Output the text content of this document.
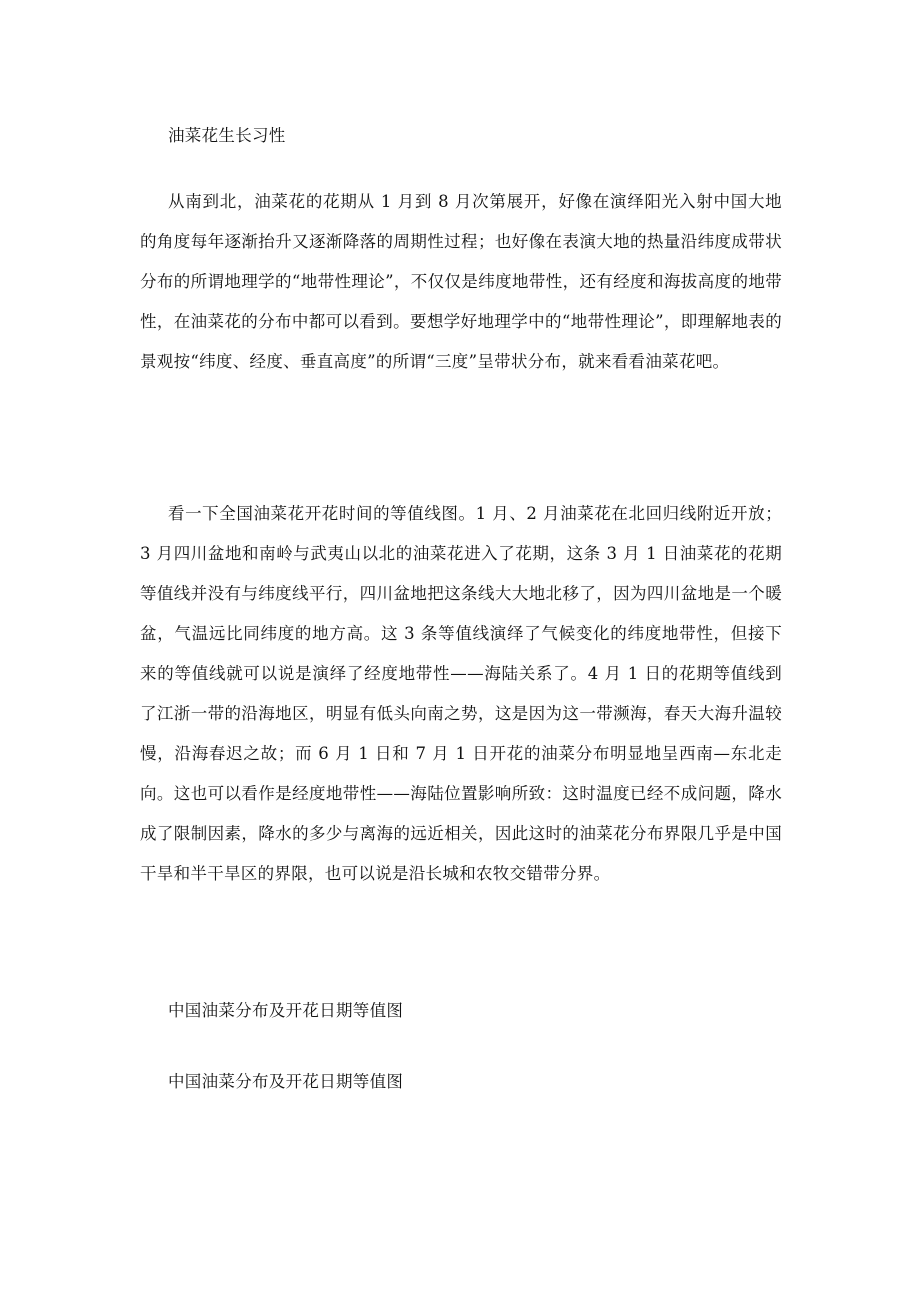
油菜花生长习性

从南到北，油菜花的花期从 1 月到 8 月次第展开，好像在演绎阳光入射中国大地的角度每年逐渐抬升又逐渐降落的周期性过程；也好像在表演大地的热量沿纬度成带状分布的所谓地理学的“地带性理论”，不仅仅是纬度地带性，还有经度和海拔高度的地带性，在油菜花的分布中都可以看到。要想学好地理学中的“地带性理论”，即理解地表的景观按“纬度、经度、垂直高度”的所谓“三度”呈带状分布，就来看看油菜花吧。

看一下全国油菜花开花时间的等值线图。1 月、2 月油菜花在北回归线附近开放；3 月四川盆地和南岭与武夷山以北的油菜花进入了花期，这条 3 月 1 日油菜花的花期等值线并没有与纬度线平行，四川盆地把这条线大大地北移了，因为四川盆地是一个暖盆，气温远比同纬度的地方高。这 3 条等值线演绎了气候变化的纬度地带性，但接下来的等值线就可以说是演绎了经度地带性——海陆关系了。4 月 1 日的花期等值线到了江浙一带的沿海地区，明显有低头向南之势，这是因为这一带濒海，春天大海升温较慢，沿海春迟之故；而 6 月 1 日和 7 月 1 日开花的油菜分布明显地呈西南—东北走向。这也可以看作是经度地带性——海陆位置影响所致：这时温度已经不成问题，降水成了限制因素，降水的多少与离海的远近相关，因此这时的油菜花分布界限几乎是中国干旱和半干旱区的界限，也可以说是沿长城和农牧交错带分界。

中国油菜分布及开花日期等值图

中国油菜分布及开花日期等值图
